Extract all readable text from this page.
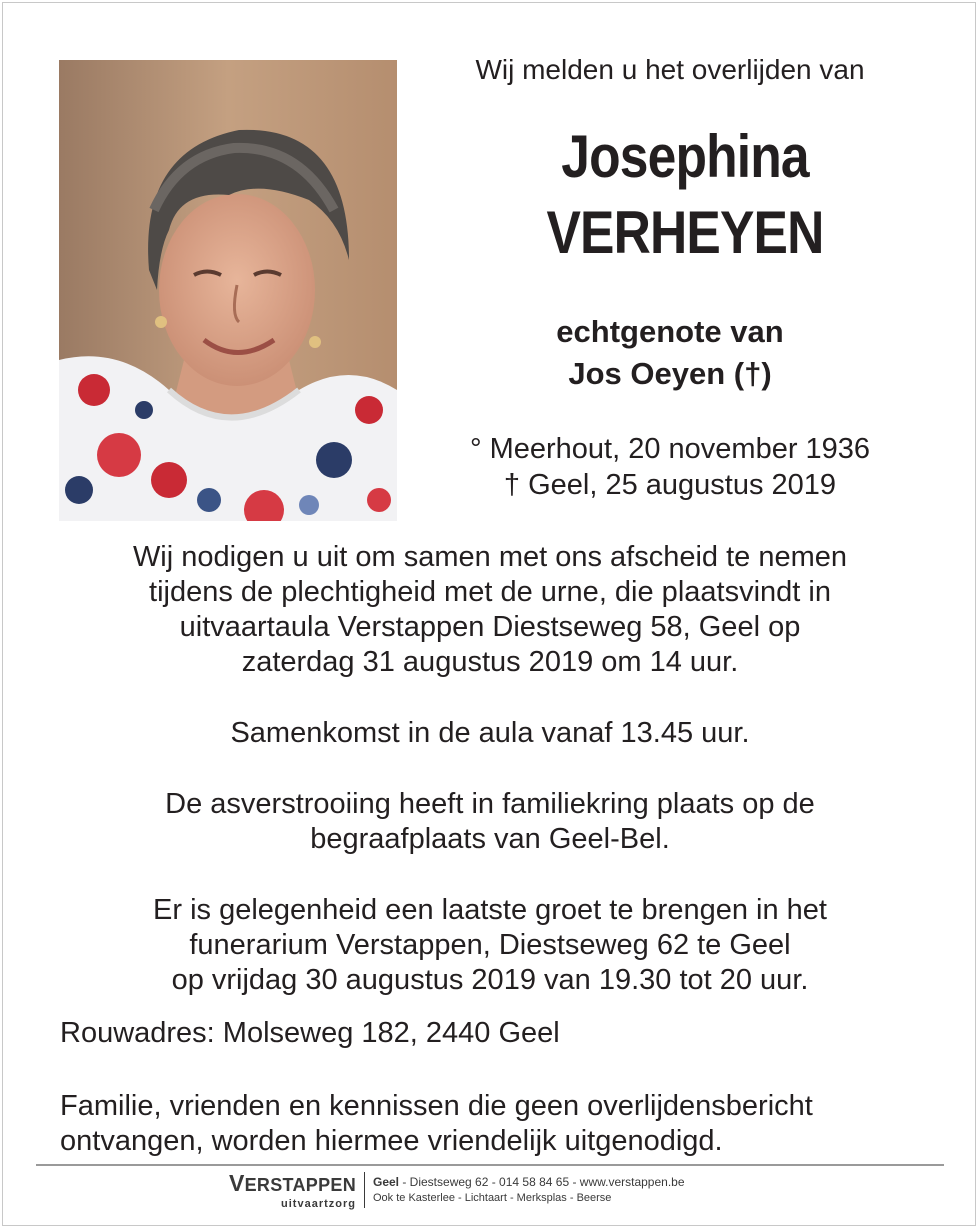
Wij melden u het overlijden van
Josephina
VERHEYEN
echtgenote van
Jos Oeyen (†)
° Meerhout, 20 november 1936
† Geel, 25 augustus 2019

Wij nodigen u uit om samen met ons afscheid te nemen
tijdens de plechtigheid met de urne, die plaatsvindt in
uitvaartaula Verstappen Diestseweg 58, Geel op
zaterdag 31 augustus 2019 om 14 uur.

Samenkomst in de aula vanaf 13.45 uur.

De asverstrooiing heeft in familiekring plaats op de
begraafplaats van Geel-Bel.

Er is gelegenheid een laatste groet te brengen in het
funerarium Verstappen, Diestseweg 62 te Geel
op vrijdag 30 augustus 2019 van 19.30 tot 20 uur.

Rouwadres: Molseweg 182, 2440 Geel

Familie, vrienden en kennissen die geen overlijdensbericht
ontvangen, worden hiermee vriendelijk uitgenodigd.

VERSTAPPEN
uitvaartzorg
Geel - Diestseweg 62 - 014 58 84 65 - www.verstappen.be
Ook te Kasterlee - Lichtaart - Merksplas - Beerse
